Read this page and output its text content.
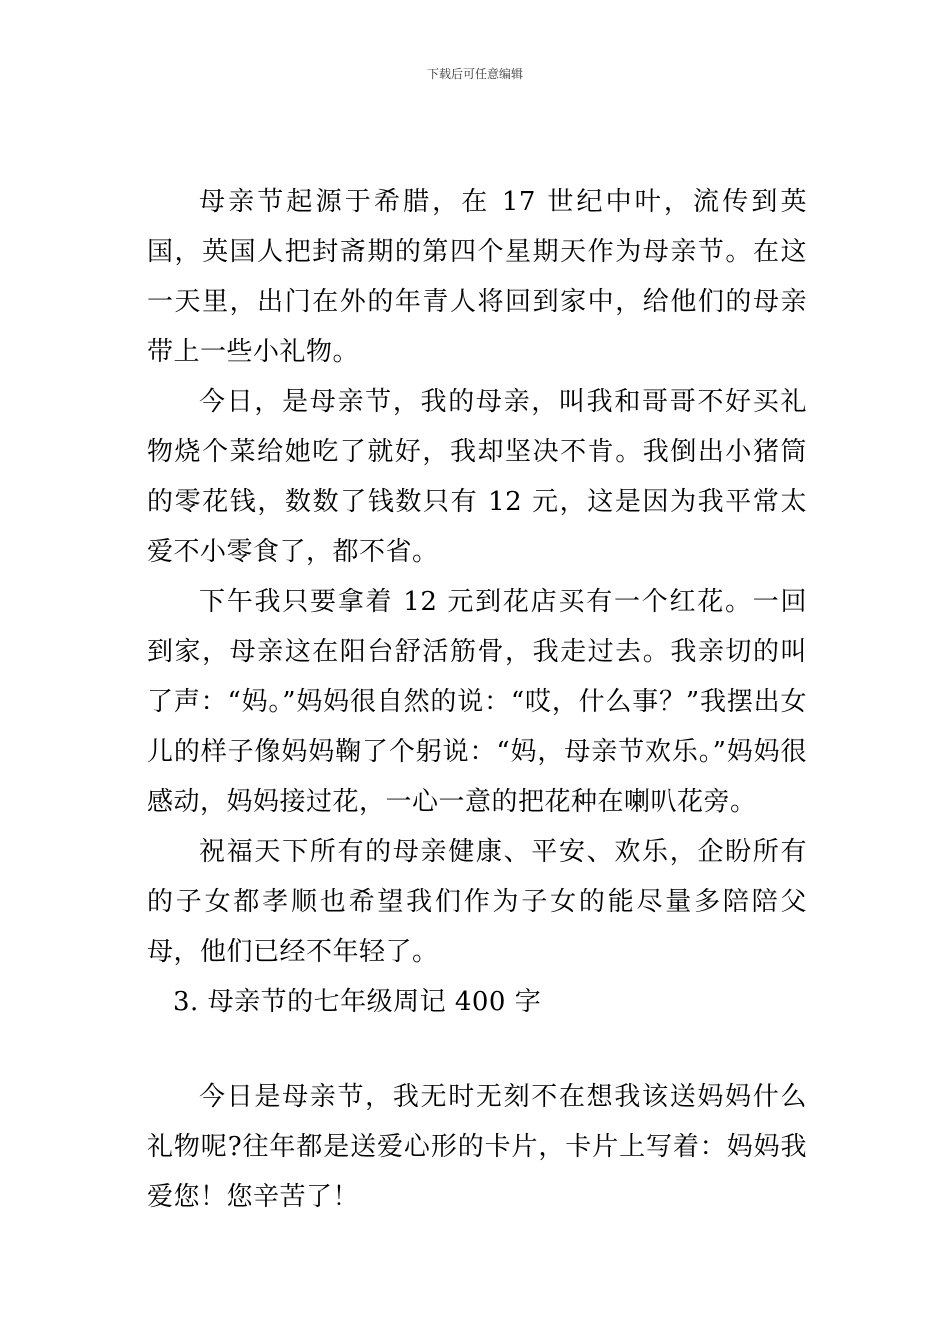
下载后可任意编辑

母亲节起源于希腊，在 17 世纪中叶，流传到英国，英国人把封斋期的第四个星期天作为母亲节。在这一天里，出门在外的年青人将回到家中，给他们的母亲带上一些小礼物。

今日，是母亲节，我的母亲，叫我和哥哥不好买礼物烧个菜给她吃了就好，我却坚决不肯。我倒出小猪筒的零花钱，数数了钱数只有 12 元，这是因为我平常太爱不小零食了，都不省。

下午我只要拿着 12 元到花店买有一个红花。一回到家，母亲这在阳台舒活筋骨，我走过去。我亲切的叫了声：“妈。”妈妈很自然的说：“哎，什么事？”我摆出女儿的样子像妈妈鞠了个躬说：“妈，母亲节欢乐。”妈妈很感动，妈妈接过花，一心一意的把花种在喇叭花旁。

祝福天下所有的母亲健康、平安、欢乐，企盼所有的子女都孝顺也希望我们作为子女的能尽量多陪陪父母，他们已经不年轻了。

3. 母亲节的七年级周记 400 字

今日是母亲节，我无时无刻不在想我该送妈妈什么礼物呢?往年都是送爱心形的卡片，卡片上写着：妈妈我爱您！您辛苦了！
